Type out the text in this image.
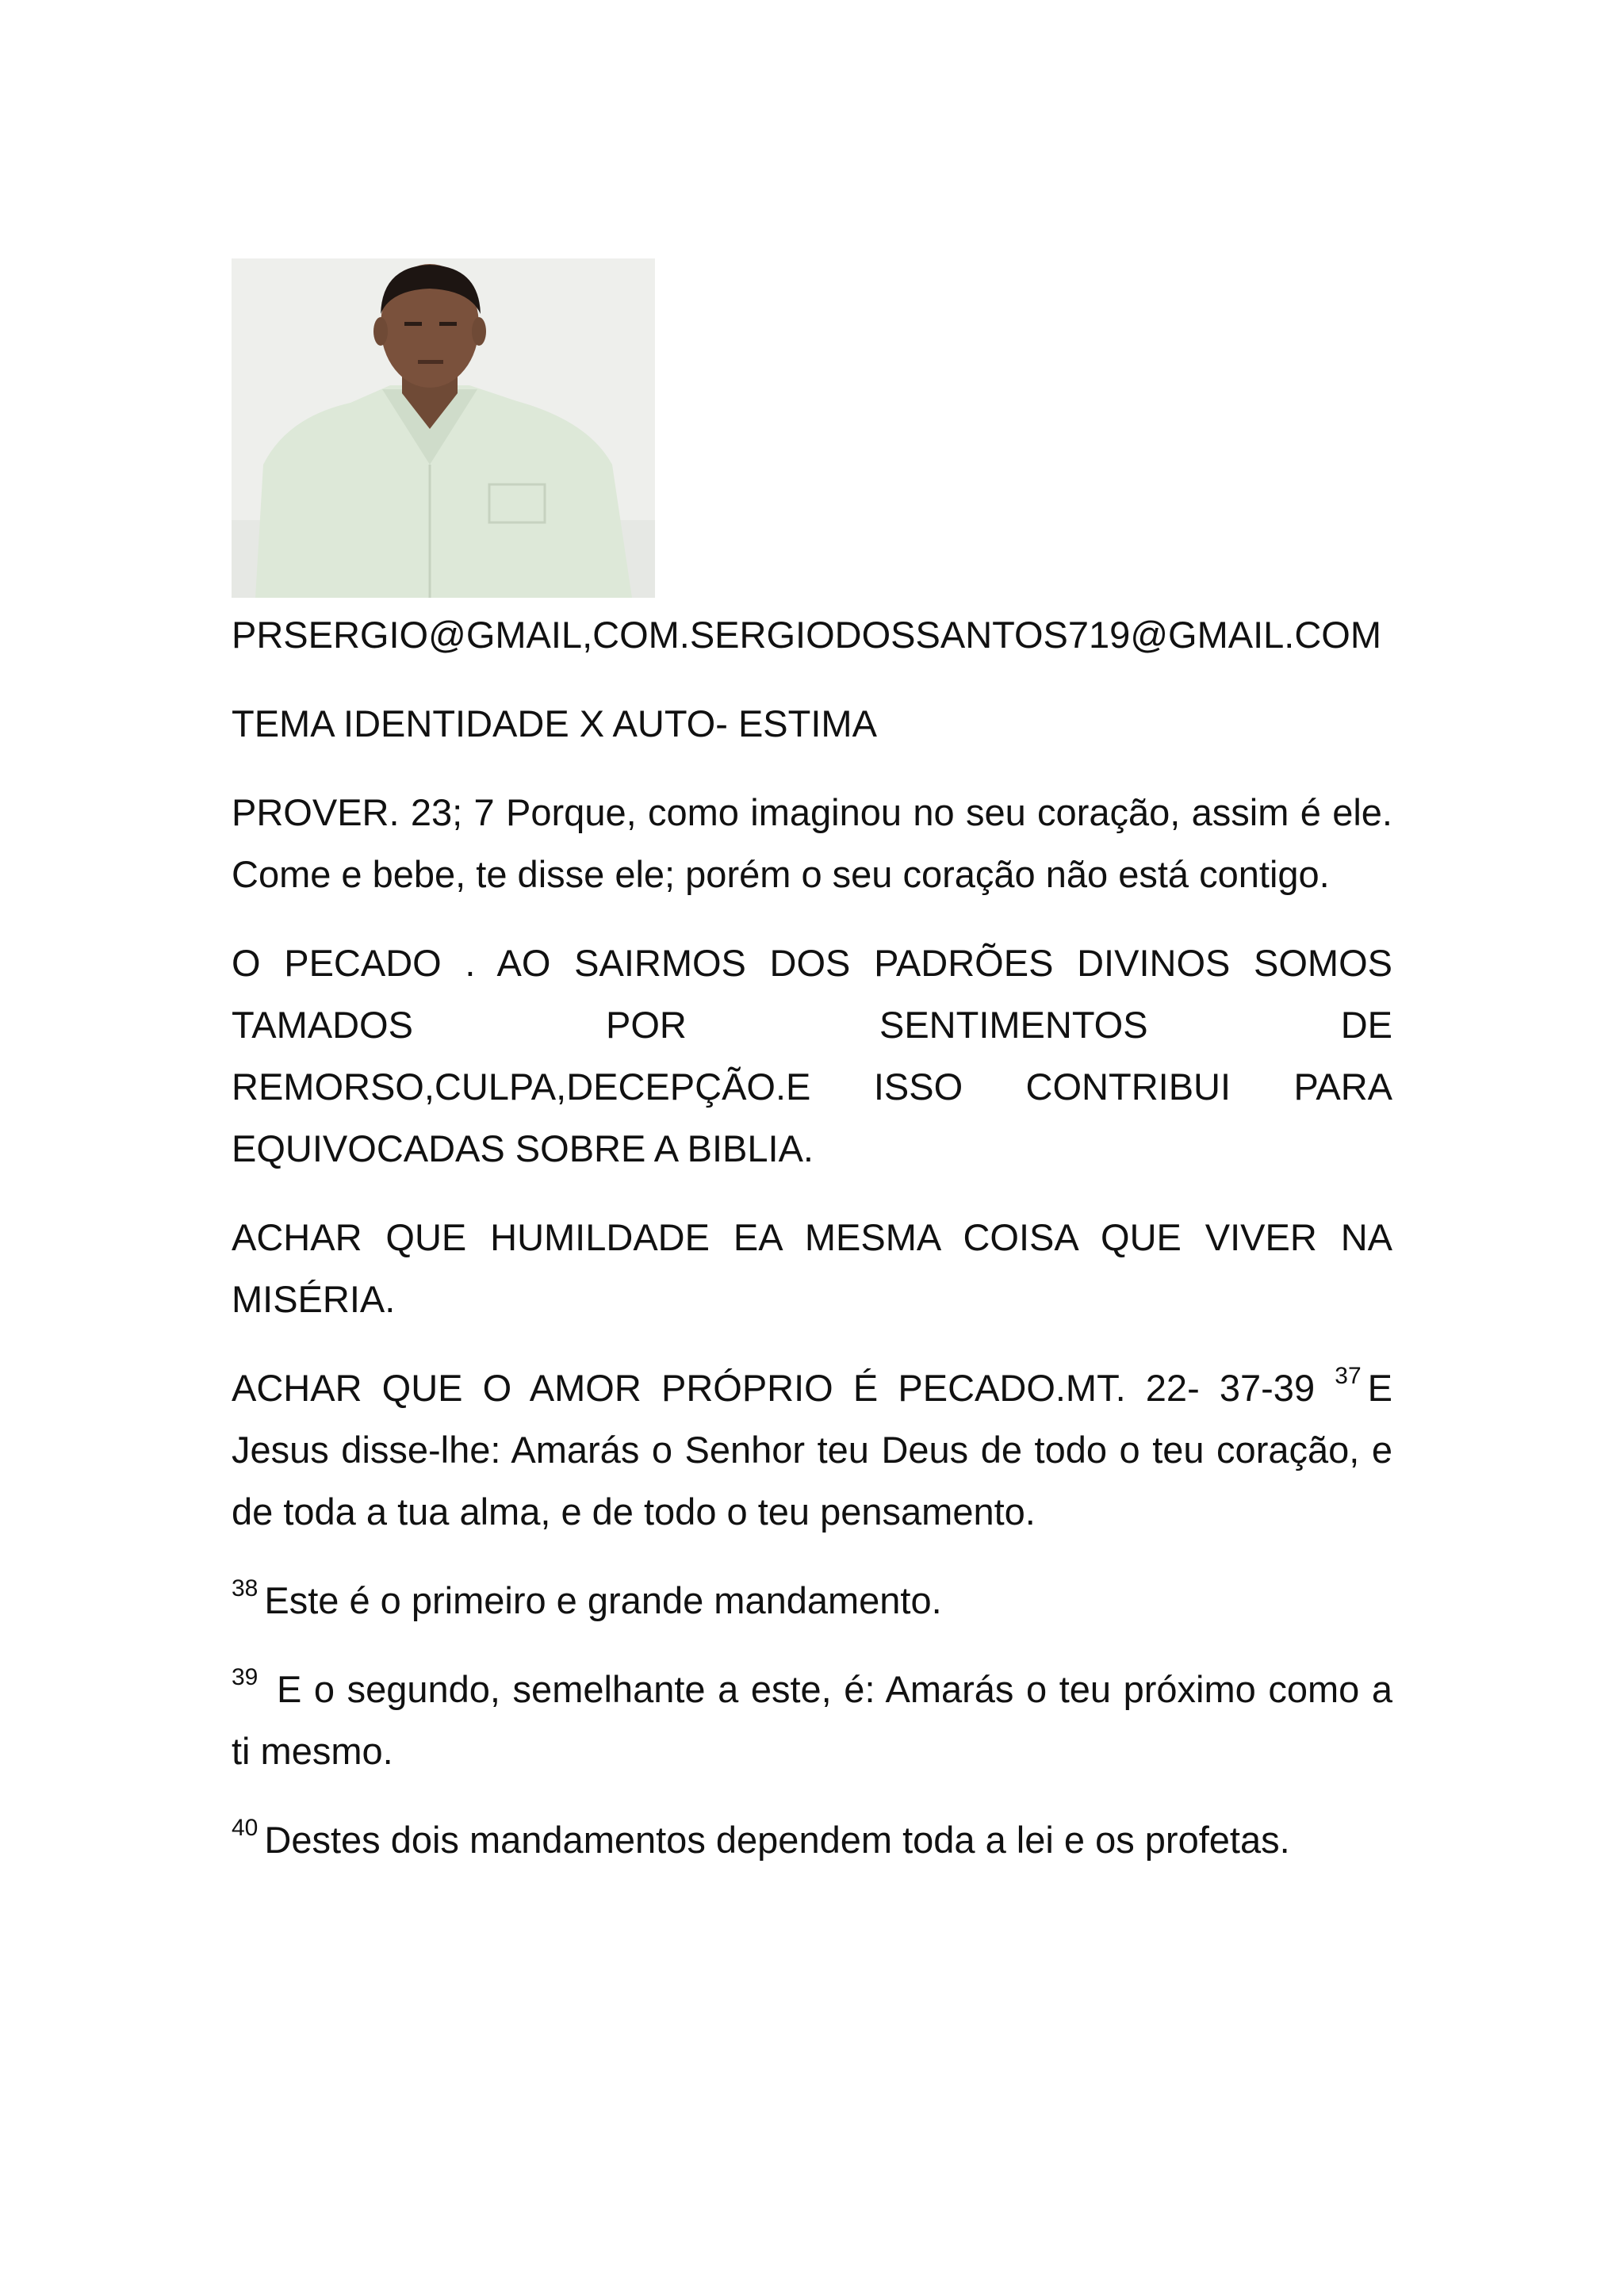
PRSERGIO@GMAIL,COM.SERGIODOSSANTOS719@GMAIL.COM

TEMA IDENTIDADE X AUTO- ESTIMA

PROVER. 23; 7 Porque, como imaginou no seu coração, assim é ele. Come e bebe, te disse ele; porém o seu coração não está contigo.

O PECADO . AO SAIRMOS DOS PADRÕES DIVINOS SOMOS TAMADOS POR SENTIMENTOS DE REMORSO,CULPA,DECEPÇÃO.E ISSO CONTRIBUI PARA EQUIVOCADAS SOBRE A BIBLIA.

ACHAR QUE HUMILDADE EA MESMA COISA QUE VIVER NA MISÉRIA.

ACHAR QUE O AMOR PRÓPRIO É PECADO.MT. 22- 37-39 $^{37}$ E Jesus disse-lhe: Amarás o Senhor teu Deus de todo o teu coração, e de toda a tua alma, e de todo o teu pensamento.

$^{38}$ Este é o primeiro e grande mandamento.

$^{39}$ E o segundo, semelhante a este, é: Amarás o teu próximo como a ti mesmo.

$^{40}$ Destes dois mandamentos dependem toda a lei e os profetas.
